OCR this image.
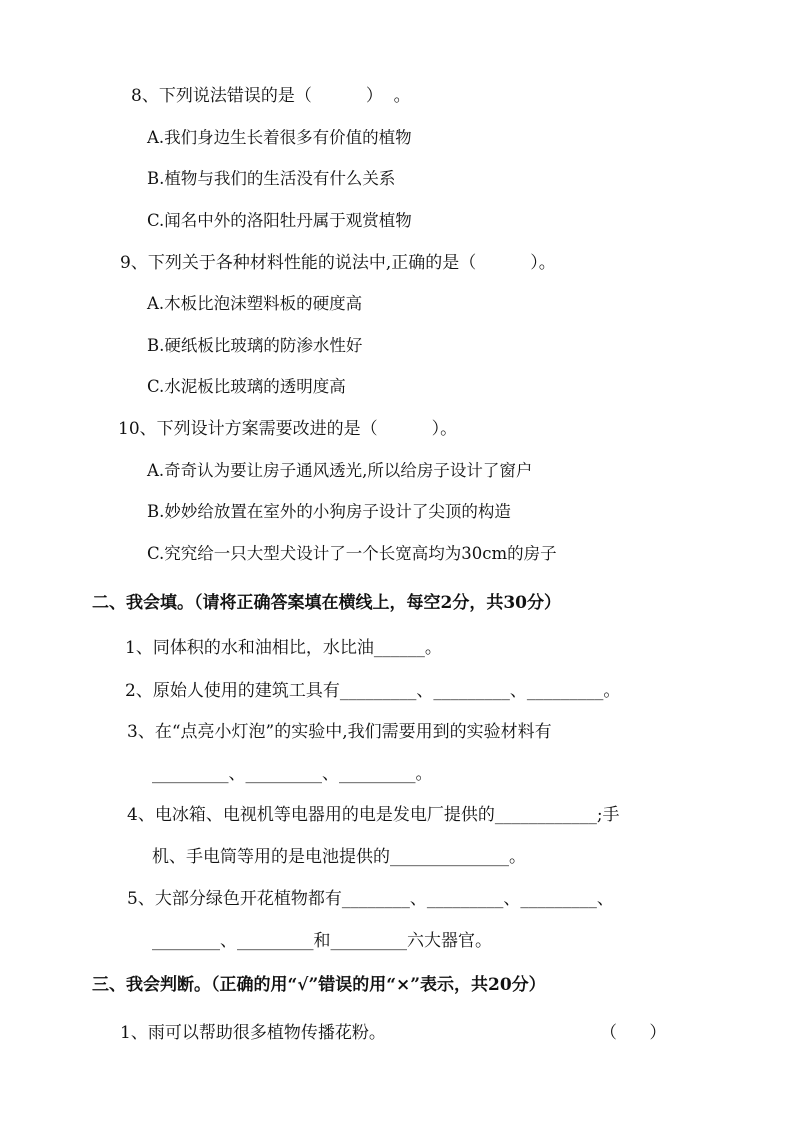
8、下列说法错误的是（          ）  。
A.我们身边生长着很多有价值的植物
B.植物与我们的生活没有什么关系
C.闻名中外的洛阳牡丹属于观赏植物
9、下列关于各种材料性能的说法中,正确的是（          ）。
A.木板比泡沫塑料板的硬度高
B.硬纸板比玻璃的防渗水性好
C.水泥板比玻璃的透明度高
10、下列设计方案需要改进的是（          ）。
A.奇奇认为要让房子通风透光,所以给房子设计了窗户
B.妙妙给放置在室外的小狗房子设计了尖顶的构造
C.究究给一只大型犬设计了一个长宽高均为30cm的房子
二、我会填。（请将正确答案填在横线上，每空2分，共30分）
1、同体积的水和油相比，水比油______。
2、原始人使用的建筑工具有_________、_________、_________。
3、在“点亮小灯泡”的实验中,我们需要用到的实验材料有
_________、_________、_________。
4、电冰箱、电视机等电器用的电是发电厂提供的____________;手
机、手电筒等用的是电池提供的______________。
5、大部分绿色开花植物都有________、_________、_________、
________、_________和_________六大器官。
三、我会判断。（正确的用“√”错误的用“×”表示，共20分）
1、雨可以帮助很多植物传播花粉。	（      ）
